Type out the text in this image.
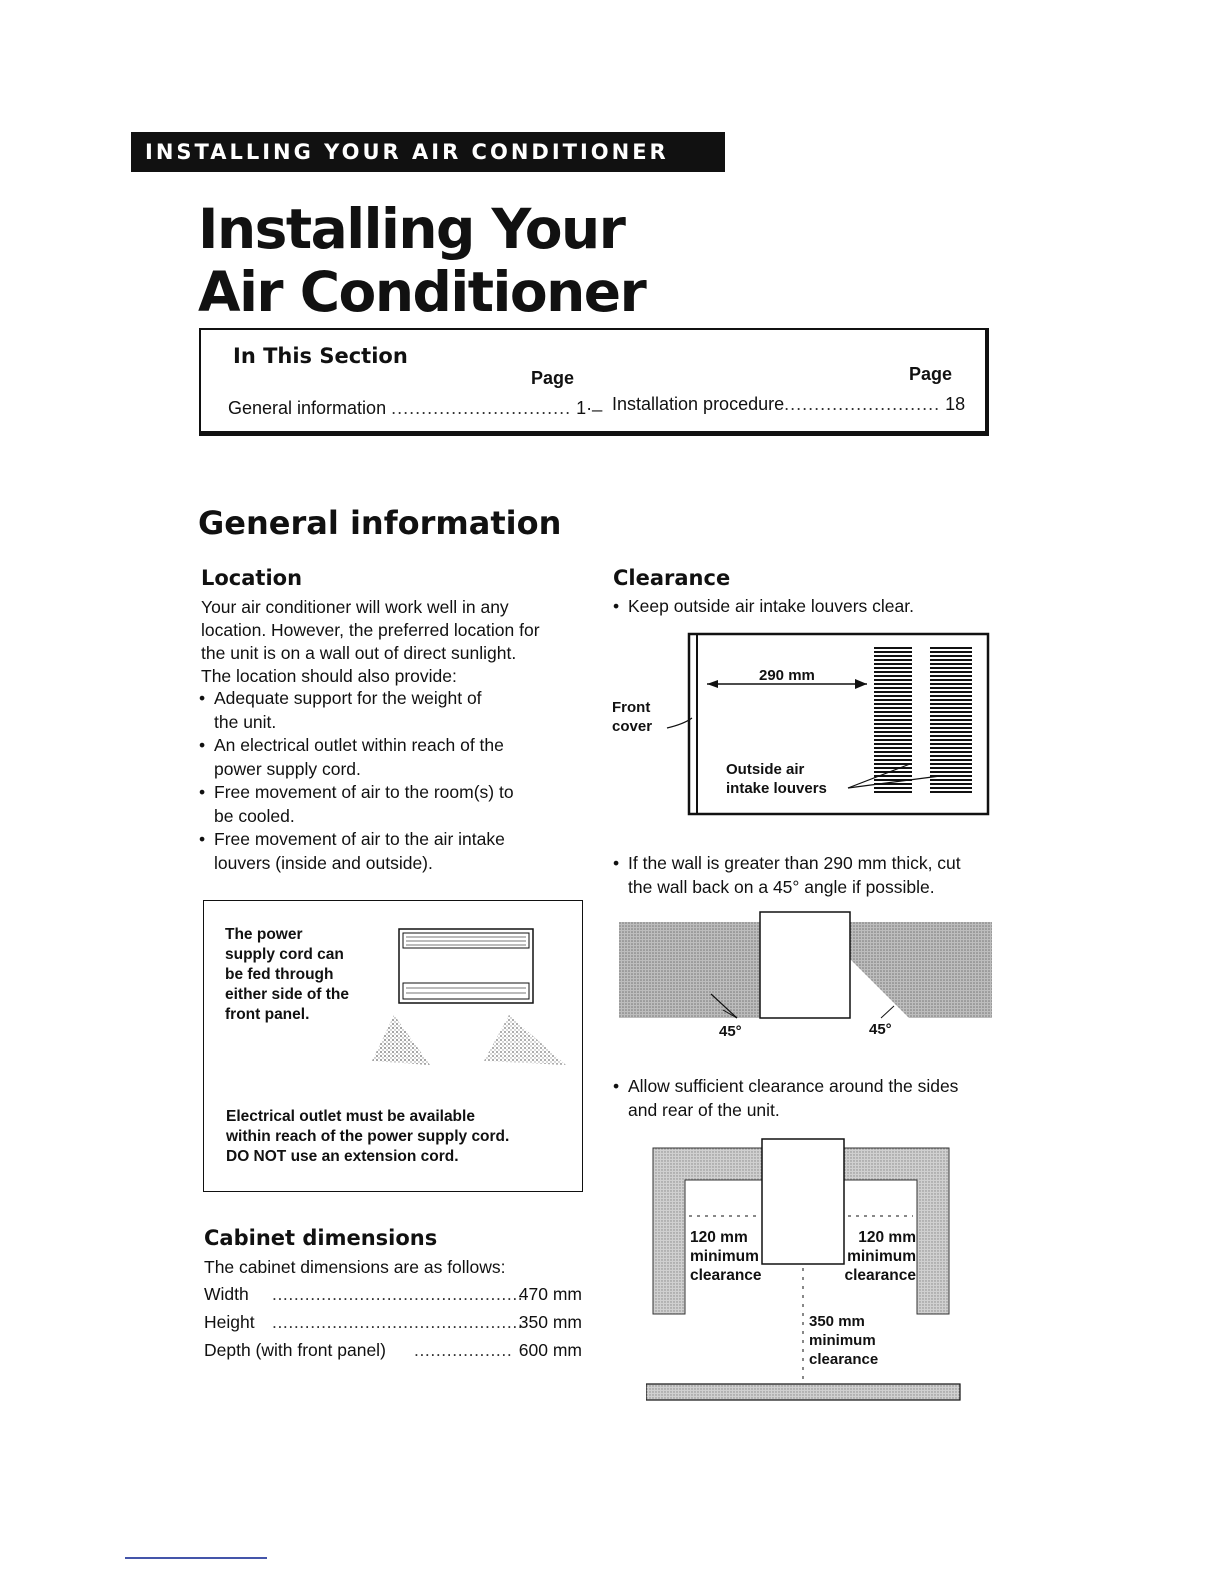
INSTALLING YOUR AIR CONDITIONER
Installing Your
Air Conditioner
In This Section
Page	Page
General information .............................. 1· ̶ Installation procedure.......................... 18
General information
Location
Your air conditioner will work well in any
location. However, the preferred location for
the unit is on a wall out of direct sunlight.
The location should also provide:
• Adequate support for the weight of
the unit.
• An electrical outlet within reach of the
power supply cord.
• Free movement of air to the room(s) to
be cooled.
• Free movement of air to the air intake
louvers (inside and outside).
The power
supply cord can
be fed through
either side of the
front panel.
Electrical outlet must be available
within reach of the power supply cord.
DO NOT use an extension cord.
Cabinet dimensions
The cabinet dimensions are as follows:
Width ..............................................
470 mm
Height ..............................................
350 mm
Depth (with front panel) .................. 600 mm
Clearance
• Keep outside air intake louvers clear.
290 mm
Front
cover
Outside air
intake louvers
• If the wall is greater than 290 mm thick, cut
the wall back on a 45° angle if possible.
45°	45°
• Allow sufficient clearance around the sides
and rear of the unit.
120 mm
minimum
clearance
120 mm
minimum
clearance
350 mm
minimum
clearance
